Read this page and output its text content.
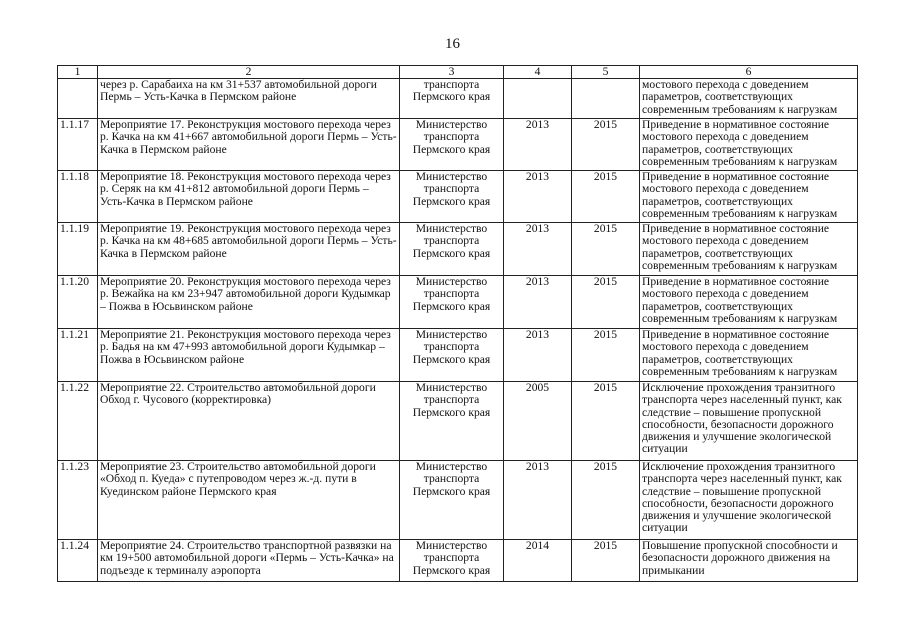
16
1	2	3	4	5	6
	через р. Сарабаиха на км 31+537 автомобильной дороги Пермь – Усть-Качка в Пермском районе	транспорта Пермского края			мостового перехода с доведением параметров, соответствующих современным требованиям к нагрузкам
1.1.17	Мероприятие 17. Реконструкция мостового перехода через р. Качка на км 41+667 автомобильной дороги Пермь – Усть-Качка в Пермском районе	Министерство транспорта Пермского края	2013	2015	Приведение в нормативное состояние мостового перехода с доведением параметров, соответствующих современным требованиям к нагрузкам
1.1.18	Мероприятие 18. Реконструкция мостового перехода через р. Серяк на км 41+812 автомобильной дороги Пермь – Усть-Качка в Пермском районе	Министерство транспорта Пермского края	2013	2015	Приведение в нормативное состояние мостового перехода с доведением параметров, соответствующих современным требованиям к нагрузкам
1.1.19	Мероприятие 19. Реконструкция мостового перехода через р. Качка на км 48+685 автомобильной дороги Пермь – Усть-Качка в Пермском районе	Министерство транспорта Пермского края	2013	2015	Приведение в нормативное состояние мостового перехода с доведением параметров, соответствующих современным требованиям к нагрузкам
1.1.20	Мероприятие 20. Реконструкция мостового перехода через р. Вежайка на км 23+947 автомобильной дороги Кудымкар – Пожва в Юсьвинском районе	Министерство транспорта Пермского края	2013	2015	Приведение в нормативное состояние мостового перехода с доведением параметров, соответствующих современным требованиям к нагрузкам
1.1.21	Мероприятие 21. Реконструкция мостового перехода через р. Бадья на км 47+993 автомобильной дороги Кудымкар – Пожва в Юсьвинском районе	Министерство транспорта Пермского края	2013	2015	Приведение в нормативное состояние мостового перехода с доведением параметров, соответствующих современным требованиям к нагрузкам
1.1.22	Мероприятие 22. Строительство автомобильной дороги Обход г. Чусового (корректировка)	Министерство транспорта Пермского края	2005	2015	Исключение прохождения транзитного транспорта через населенный пункт, как следствие – повышение пропускной способности, безопасности дорожного движения и улучшение экологической ситуации
1.1.23	Мероприятие 23. Строительство автомобильной дороги «Обход п. Куеда» с путепроводом через ж.-д. пути в Куединском районе Пермского края	Министерство транспорта Пермского края	2013	2015	Исключение прохождения транзитного транспорта через населенный пункт, как следствие – повышение пропускной способности, безопасности дорожного движения и улучшение экологической ситуации
1.1.24	Мероприятие 24. Строительство транспортной развязки на км 19+500 автомобильной дороги «Пермь – Усть-Качка» на подъезде к терминалу аэропорта	Министерство транспорта Пермского края	2014	2015	Повышение пропускной способности и безопасности дорожного движения на примыкании
